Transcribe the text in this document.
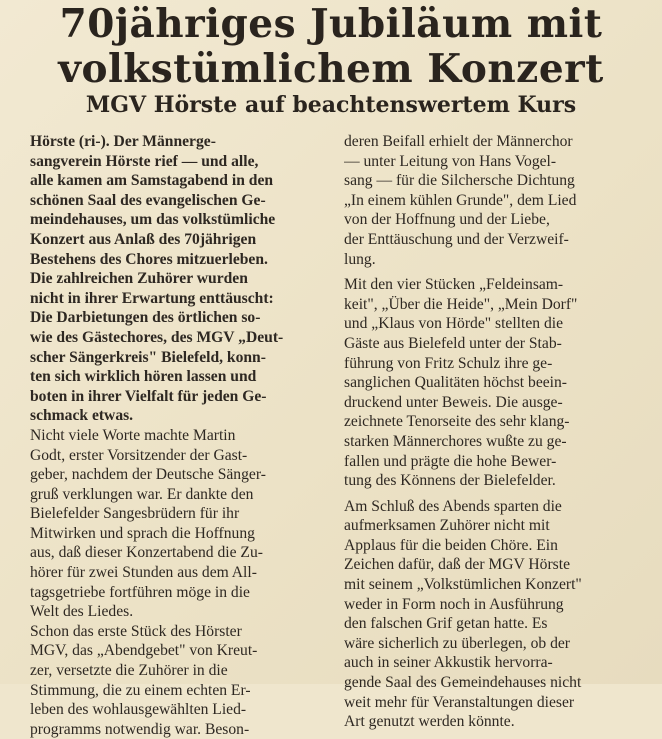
70jähriges Jubiläum mit
volkstümlichem Konzert
MGV Hörste auf beachtenswertem Kurs
Hörste (ri-). Der Männerge-
sangverein Hörste rief — und alle,
alle kamen am Samstagabend in den
schönen Saal des evangelischen Ge-
meindehauses, um das volkstümliche
Konzert aus Anlaß des 70jährigen
Bestehens des Chores mitzuerleben.
Die zahlreichen Zuhörer wurden
nicht in ihrer Erwartung enttäuscht:
Die Darbietungen des örtlichen so-
wie des Gästechores, des MGV „Deut-
scher Sängerkreis" Bielefeld, konn-
ten sich wirklich hören lassen und
boten in ihrer Vielfalt für jeden Ge-
schmack etwas.
Nicht viele Worte machte Martin
Godt, erster Vorsitzender der Gast-
geber, nachdem der Deutsche Sänger-
gruß verklungen war. Er dankte den
Bielefelder Sangesbrüdern für ihr
Mitwirken und sprach die Hoffnung
aus, daß dieser Konzertabend die Zu-
hörer für zwei Stunden aus dem All-
tagsgetriebe fortführen möge in die
Welt des Liedes.
Schon das erste Stück des Hörster
MGV, das „Abendgebet" von Kreut-
zer, versetzte die Zuhörer in die
Stimmung, die zu einem echten Er-
leben des wohlausgewählten Lied-
programms notwendig war. Beson-
deren Beifall erhielt der Männerchor
— unter Leitung von Hans Vogel-
sang — für die Silchersche Dichtung
„In einem kühlen Grunde", dem Lied
von der Hoffnung und der Liebe,
der Enttäuschung und der Verzweif-
lung.
Mit den vier Stücken „Feldeinsam-
keit", „Über die Heide", „Mein Dorf"
und „Klaus von Hörde" stellten die
Gäste aus Bielefeld unter der Stab-
führung von Fritz Schulz ihre ge-
sanglichen Qualitäten höchst beein-
druckend unter Beweis. Die ausge-
zeichnete Tenorseite des sehr klang-
starken Männerchores wußte zu ge-
fallen und prägte die hohe Bewer-
tung des Könnens der Bielefelder.
Am Schluß des Abends sparten die
aufmerksamen Zuhörer nicht mit
Applaus für die beiden Chöre. Ein
Zeichen dafür, daß der MGV Hörste
mit seinem „Volkstümlichen Konzert"
weder in Form noch in Ausführung
den falschen Grif getan hatte. Es
wäre sicherlich zu überlegen, ob der
auch in seiner Akkustik hervorra-
gende Saal des Gemeindehauses nicht
weit mehr für Veranstaltungen dieser
Art genutzt werden könnte.
